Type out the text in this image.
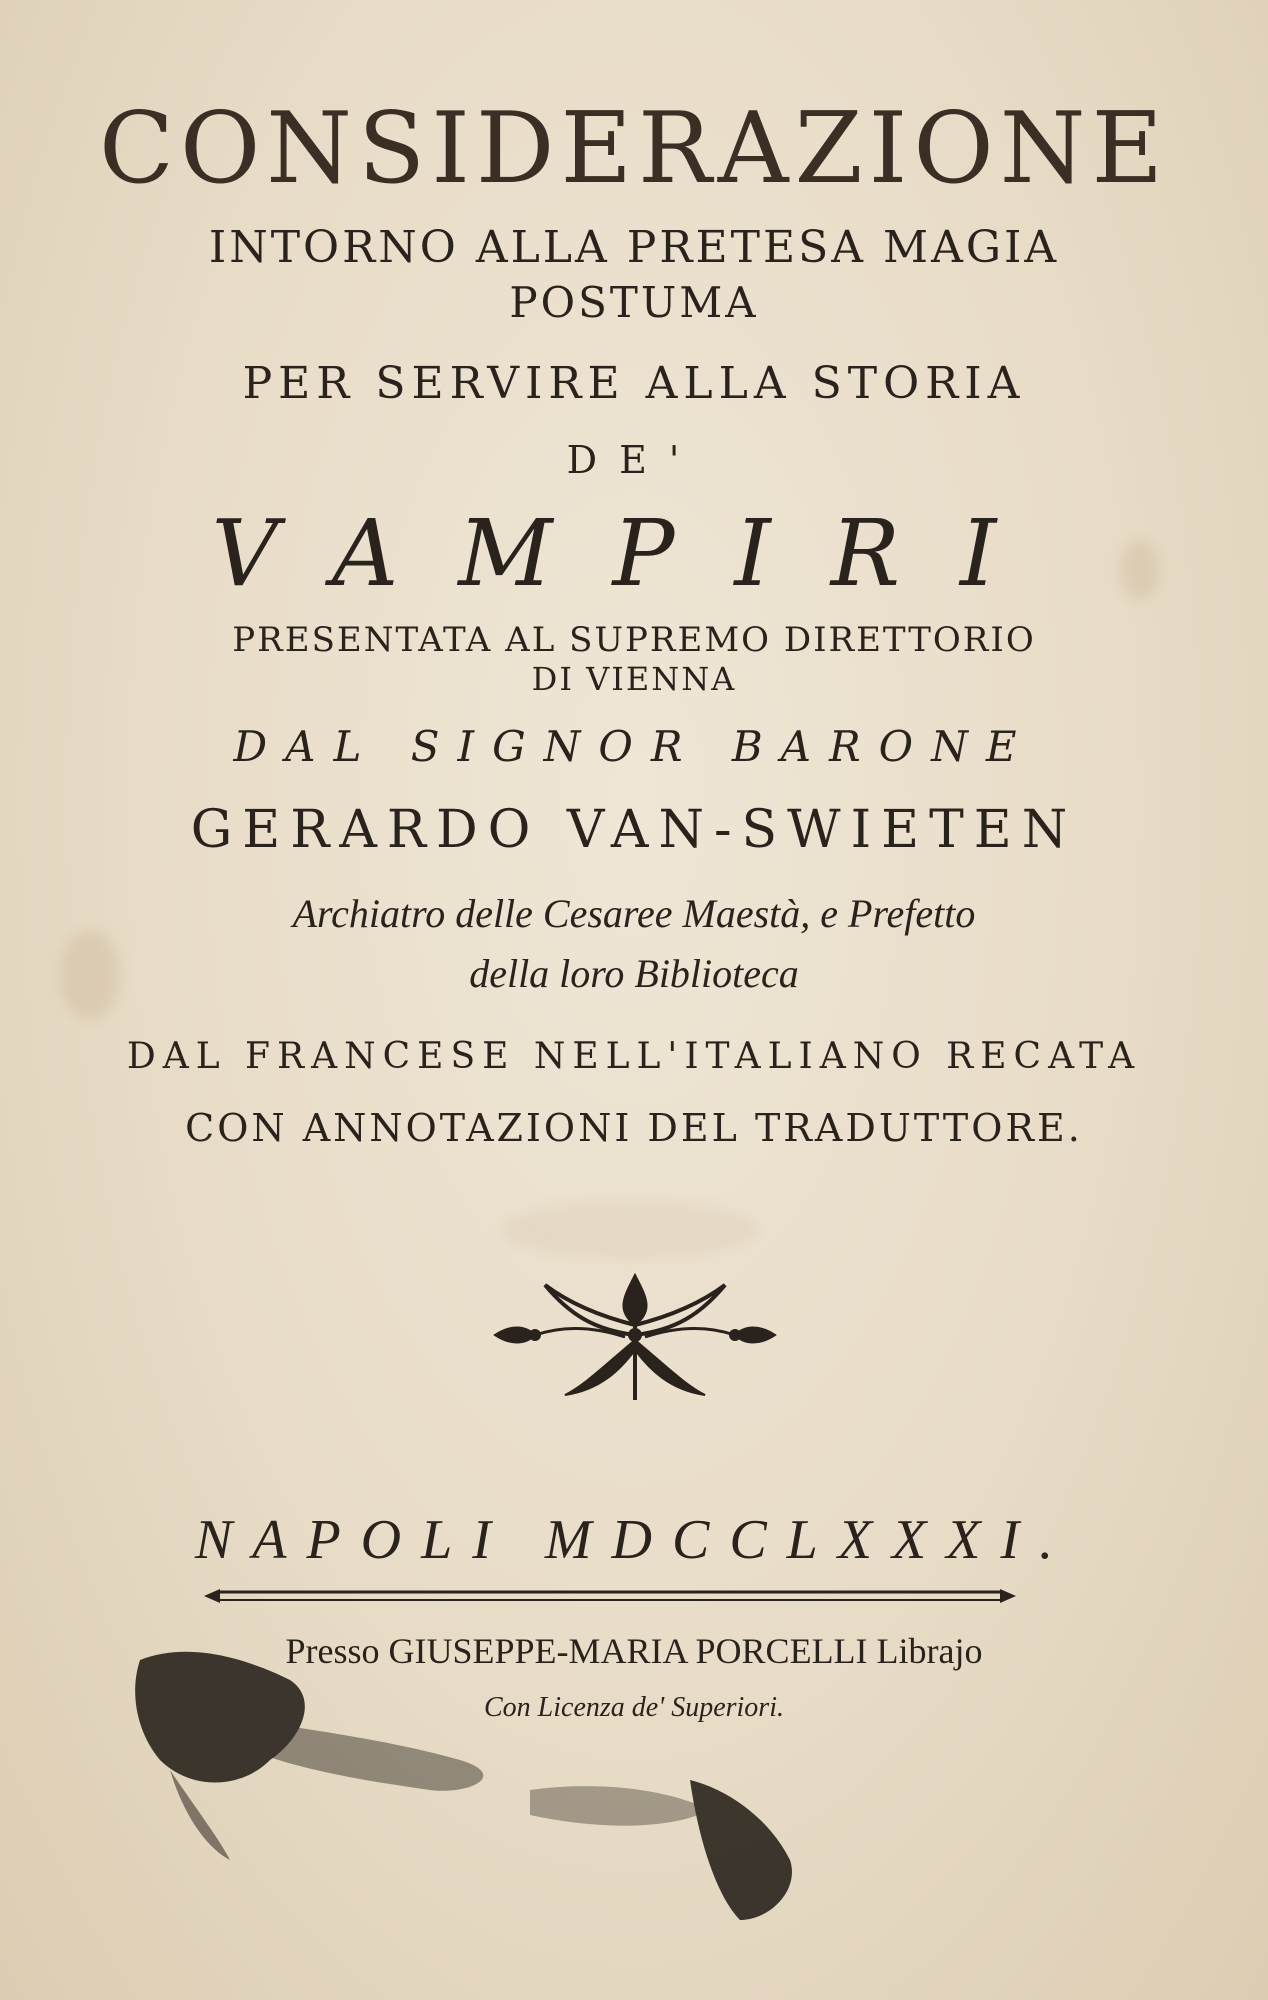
CONSIDERAZIONE
INTORNO ALLA PRETESA MAGIA
POSTUMA
PER SERVIRE ALLA STORIA
DE'
VAMPIRI
PRESENTATA AL SUPREMO DIRETTORIO
DI VIENNA
DAL SIGNOR BARONE
GERARDO VAN-SWIETEN
Archiatro delle Cesaree Maestà, e Prefetto
della loro Biblioteca
DAL FRANCESE NELL'ITALIANO RECATA
CON ANNOTAZIONI DEL TRADUTTORE.
NAPOLI MDCCLXXXI.
Presso GIUSEPPE-MARIA PORCELLI Librajo
Con Licenza de' Superiori.
